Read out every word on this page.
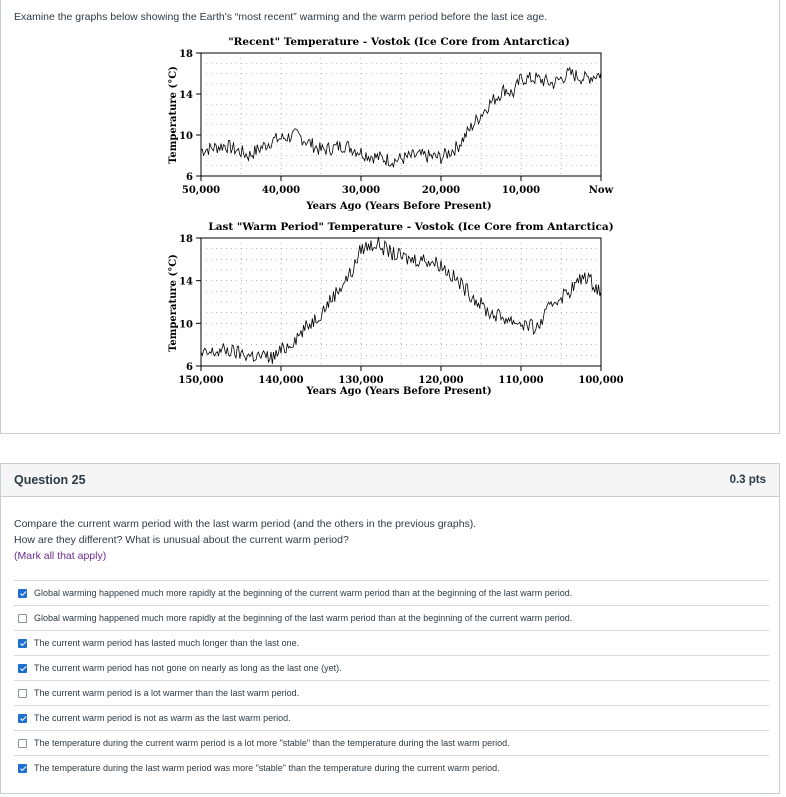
Examine the graphs below showing the Earth's “most recent” warming and the warm period before the last ice age.
"Recent" Temperature - Vostok (Ice Core from Antarctica)
18
14
10
6
50,000	40,000	30,000	20,000	10,000	Now
Temperature (°C)
Years Ago (Years Before Present)
Last "Warm Period" Temperature - Vostok (Ice Core from Antarctica)
18
14
10
6
150,000	140,000	130,000	120,000	110,000	100,000
Temperature (°C)
Years Ago (Years Before Present)
Question 25	0.3 pts
Compare the current warm period with the last warm period (and the others in the previous graphs).
How are they different? What is unusual about the current warm period?
(Mark all that apply)
Global warming happened much more rapidly at the beginning of the current warm period than at the beginning of the last warm period.
Global warming happened much more rapidly at the beginning of the last warm period than at the beginning of the current warm period.
The current warm period has lasted much longer than the last one.
The current warm period has not gone on nearly as long as the last one (yet).
The current warm period is a lot warmer than the last warm period.
The current warm period is not as warm as the last warm period.
The temperature during the current warm period is a lot more "stable" than the temperature during the last warm period.
The temperature during the last warm period was more "stable" than the temperature during the current warm period.
